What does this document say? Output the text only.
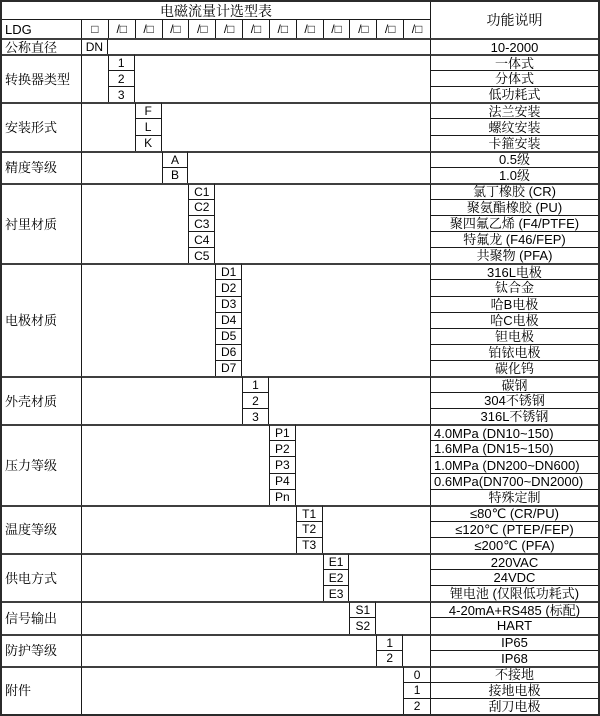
电磁流量计选型表
功能说明
LDG	□	/□	/□	/□	/□	/□	/□	/□	/□	/□	/□	/□	/□
公称直径	DN	10-2000
转换器类型
1	一体式
2	分体式
3	低功耗式
安装形式
F	法兰安装
L	螺纹安装
K	卡箍安装
精度等级
A	0.5级
B	1.0级
衬里材质
C1	氯丁橡胶 (CR)
C2	聚氨酯橡胶 (PU)
C3	聚四氟乙烯 (F4/PTFE)
C4	特氟龙 (F46/FEP)
C5	共聚物 (PFA)
电极材质
D1	316L电极
D2	钛合金
D3	哈B电极
D4	哈C电极
D5	钽电极
D6	铂铱电极
D7	碳化钨
外壳材质
1	碳钢
2	304不锈钢
3	316L不锈钢
压力等级
P1	4.0MPa (DN10~150)
P2	1.6MPa (DN15~150)
P3	1.0MPa (DN200~DN600)
P4	0.6MPa(DN700~DN2000)
Pn	特殊定制
温度等级
T1	≤80℃ (CR/PU)
T2	≤120℃ (PTEP/FEP)
T3	≤200℃ (PFA)
供电方式
E1	220VAC
E2	24VDC
E3	锂电池 (仅限低功耗式)
信号输出
S1	4-20mA+RS485 (标配)
S2	HART
防护等级
1	IP65
2	IP68
附件
0	不接地
1	接地电极
2	刮刀电极
